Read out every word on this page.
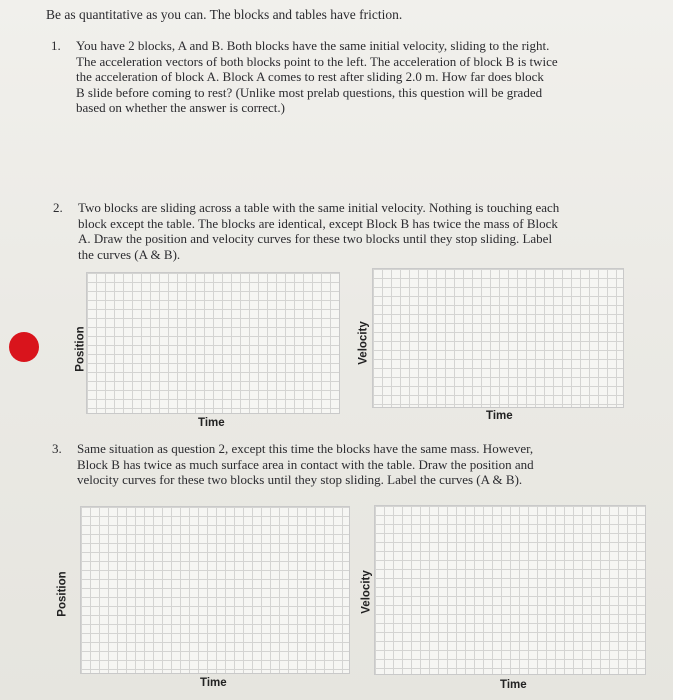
Be as quantitative as you can. The blocks and tables have friction.
1. You have 2 blocks, A and B. Both blocks have the same initial velocity, sliding to the right.
The acceleration vectors of both blocks point to the left. The acceleration of block B is twice
the acceleration of block A. Block A comes to rest after sliding 2.0 m. How far does block
B slide before coming to rest? (Unlike most prelab questions, this question will be graded
based on whether the answer is correct.)
2. Two blocks are sliding across a table with the same initial velocity. Nothing is touching each
block except the table. The blocks are identical, except Block B has twice the mass of Block
A. Draw the position and velocity curves for these two blocks until they stop sliding. Label
the curves (A & B).
Position
Time
Velocity
Time
3. Same situation as question 2, except this time the blocks have the same mass. However,
Block B has twice as much surface area in contact with the table. Draw the position and
velocity curves for these two blocks until they stop sliding. Label the curves (A & B).
Position
Time
Velocity
Time
